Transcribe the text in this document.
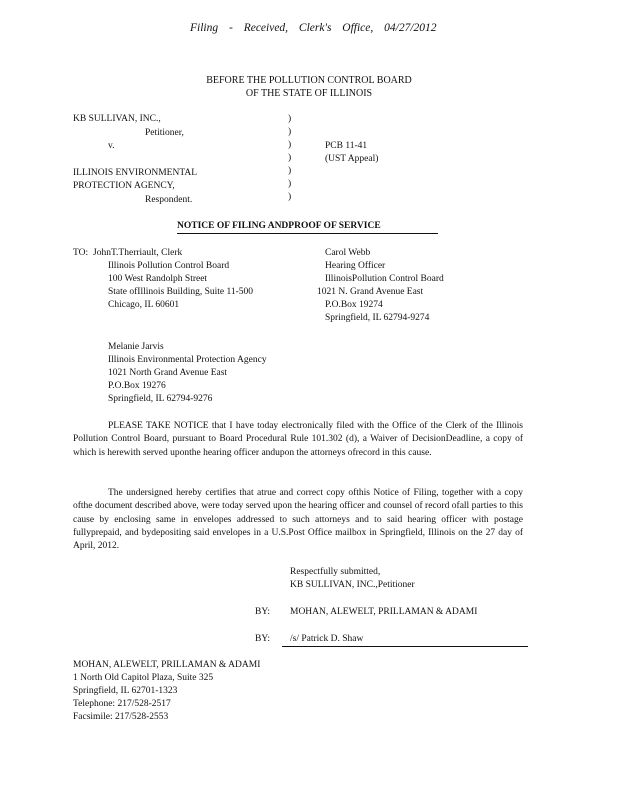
Filing - Received, Clerk's Office, 04/27/2012
BEFORE THE POLLUTION CONTROL BOARD
OF THE STATE OF ILLINOIS
KB SULLIVAN, INC.,
Petitioner,
v.
ILLINOIS ENVIRONMENTAL
PROTECTION AGENCY,
Respondent.
)
)
)
)
)
)
)
PCB 11-41
(UST Appeal)
NOTICE OF FILING ANDPROOF OF SERVICE
TO: JohnT.Therriault, Clerk
Illinois Pollution Control Board
100 West Randolph Street
State ofIllinois Building, Suite 11-500
Chicago, IL 60601
Carol Webb
Hearing Officer
IllinoisPollution Control Board
1021 N. Grand Avenue East
P.O.Box 19274
Springfield, IL 62794-9274
Melanie Jarvis
Illinois Environmental Protection Agency
1021 North Grand Avenue East
P.O.Box 19276
Springfield, IL 62794-9276
PLEASE TAKE NOTICE that I have today electronically filed with the Office of the Clerk of the Illinois Pollution Control Board, pursuant to Board Procedural Rule 101.302 (d), a Waiver of DecisionDeadline, a copy of which is herewith served uponthe hearing officer andupon the attorneys ofrecord in this cause.
The undersigned hereby certifies that atrue and correct copy ofthis Notice of Filing, together with a copy ofthe document described above, were today served upon the hearing officer and counsel of record ofall parties to this cause by enclosing same in envelopes addressed to such attorneys and to said hearing officer with postage fullyprepaid, and bydepositing said envelopes in a U.S.Post Office mailbox in Springfield, Illinois on the 27 day of April, 2012.
Respectfully submitted,
KB SULLIVAN, INC.,Petitioner
BY: MOHAN, ALEWELT, PRILLAMAN & ADAMI
BY: /s/ Patrick D. Shaw
MOHAN, ALEWELT, PRILLAMAN & ADAMI
1 North Old Capitol Plaza, Suite 325
Springfield, IL 62701-1323
Telephone: 217/528-2517
Facsimile: 217/528-2553
